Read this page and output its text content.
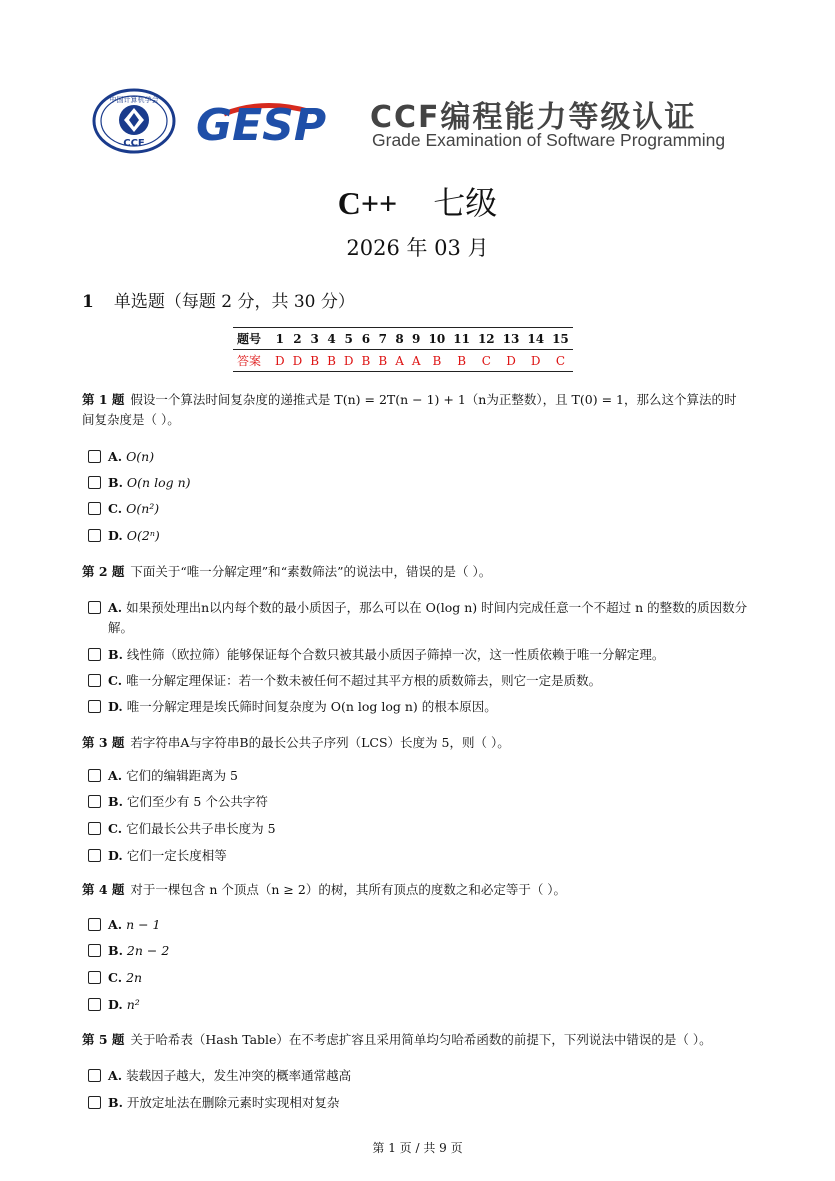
中国计算机学会
CCF GESP CCF编程能力等级认证
Grade Examination of Software Programming
C++ 七级
2026 年 03 月
1 单选题（每题 2 分，共 30 分）
题号	1	2	3	4	5	6	7	8	9	10	11	12	13	14	15
答案	D	D	B	B	D	B	B	A	A	B	B	C	D	D	C
第 1 题 假设一个算法时间复杂度的递推式是 T(n) = 2T(n − 1) + 1（n为正整数），且 T(0) = 1，那么这个算法的时间复杂度是（ ）。
A. O(n)
B. O(n log n)
C. O(n²)
D. O(2ⁿ)
第 2 题 下面关于“唯一分解定理”和“素数筛法”的说法中，错误的是（ ）。
A. 如果预处理出n以内每个数的最小质因子，那么可以在 O(log n) 时间内完成任意一个不超过 n 的整数的质因数分解。
B. 线性筛（欧拉筛）能够保证每个合数只被其最小质因子筛掉一次，这一性质依赖于唯一分解定理。
C. 唯一分解定理保证：若一个数未被任何不超过其平方根的质数筛去，则它一定是质数。
D. 唯一分解定理是埃氏筛时间复杂度为 O(n log log n) 的根本原因。
第 3 题 若字符串A与字符串B的最长公共子序列（LCS）长度为 5，则（ ）。
A. 它们的编辑距离为 5
B. 它们至少有 5 个公共字符
C. 它们最长公共子串长度为 5
D. 它们一定长度相等
第 4 题 对于一棵包含 n 个顶点（n ≥ 2）的树，其所有顶点的度数之和必定等于（ ）。
A. n − 1
B. 2n − 2
C. 2n
D. n²
第 5 题 关于哈希表（Hash Table）在不考虑扩容且采用简单均匀哈希函数的前提下，下列说法中错误的是（ ）。
A. 装载因子越大，发生冲突的概率通常越高
B. 开放定址法在删除元素时实现相对复杂
第 1 页 / 共 9 页
